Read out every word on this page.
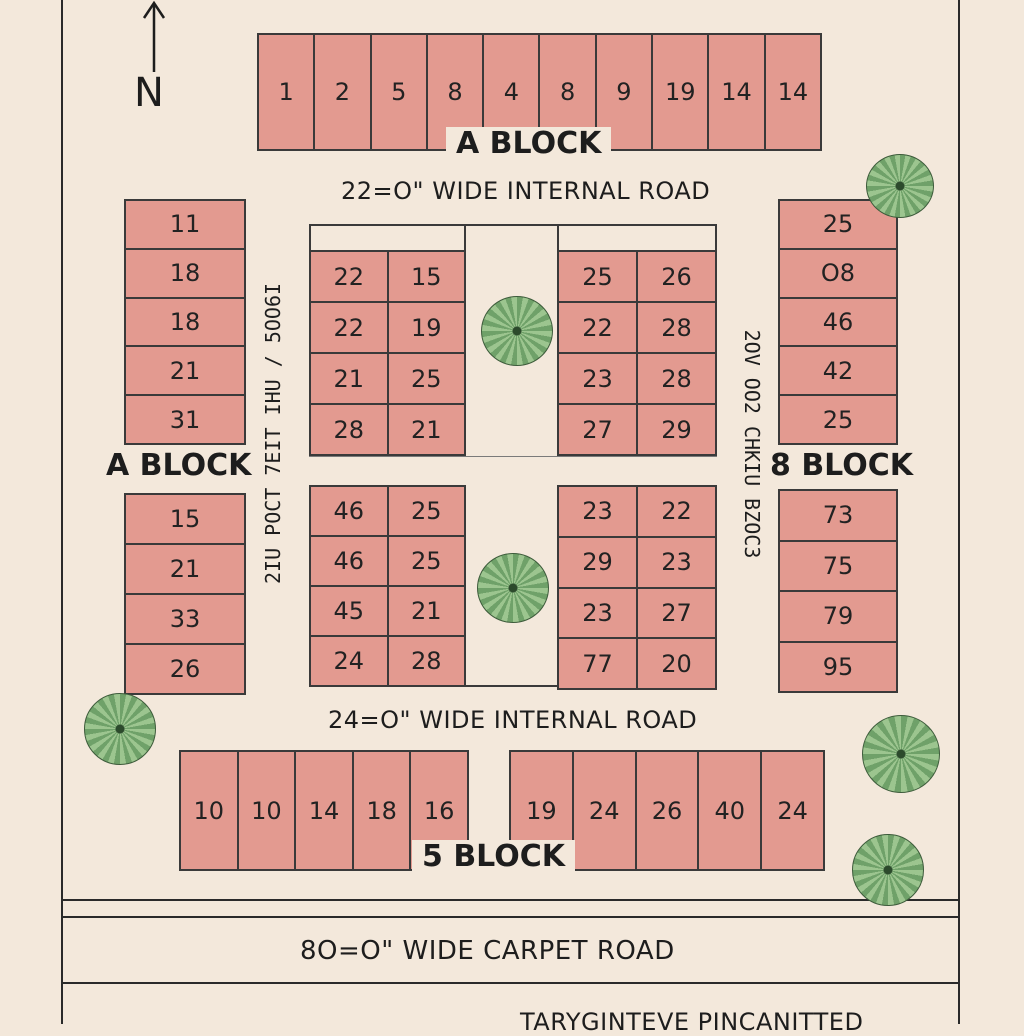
N	1	2	5	8	4	8	9	19	14	14
A BLOCK
22=O" WIDE INTERNAL ROAD
11
18
18
21
31
A BLOCK
15
21
33
26
2IU POCT 7EIT IHU / 5OO6I
22	15
22	19
21	25
28	21
46	25
46	25
45	21
24	28
25	26
22	28
23	28
27	29
23	22
29	23
23	27
77	20
2OV OO2 CHKIU BZOC3
25
O8
46
42
25
8 BLOCK
73
75
79
95
24=O" WIDE INTERNAL ROAD
10	10	14	18	16	19	24	26	40	24
5 BLOCK
8O=O" WIDE CARPET ROAD
TARYGINTEVE PINCANITTED
